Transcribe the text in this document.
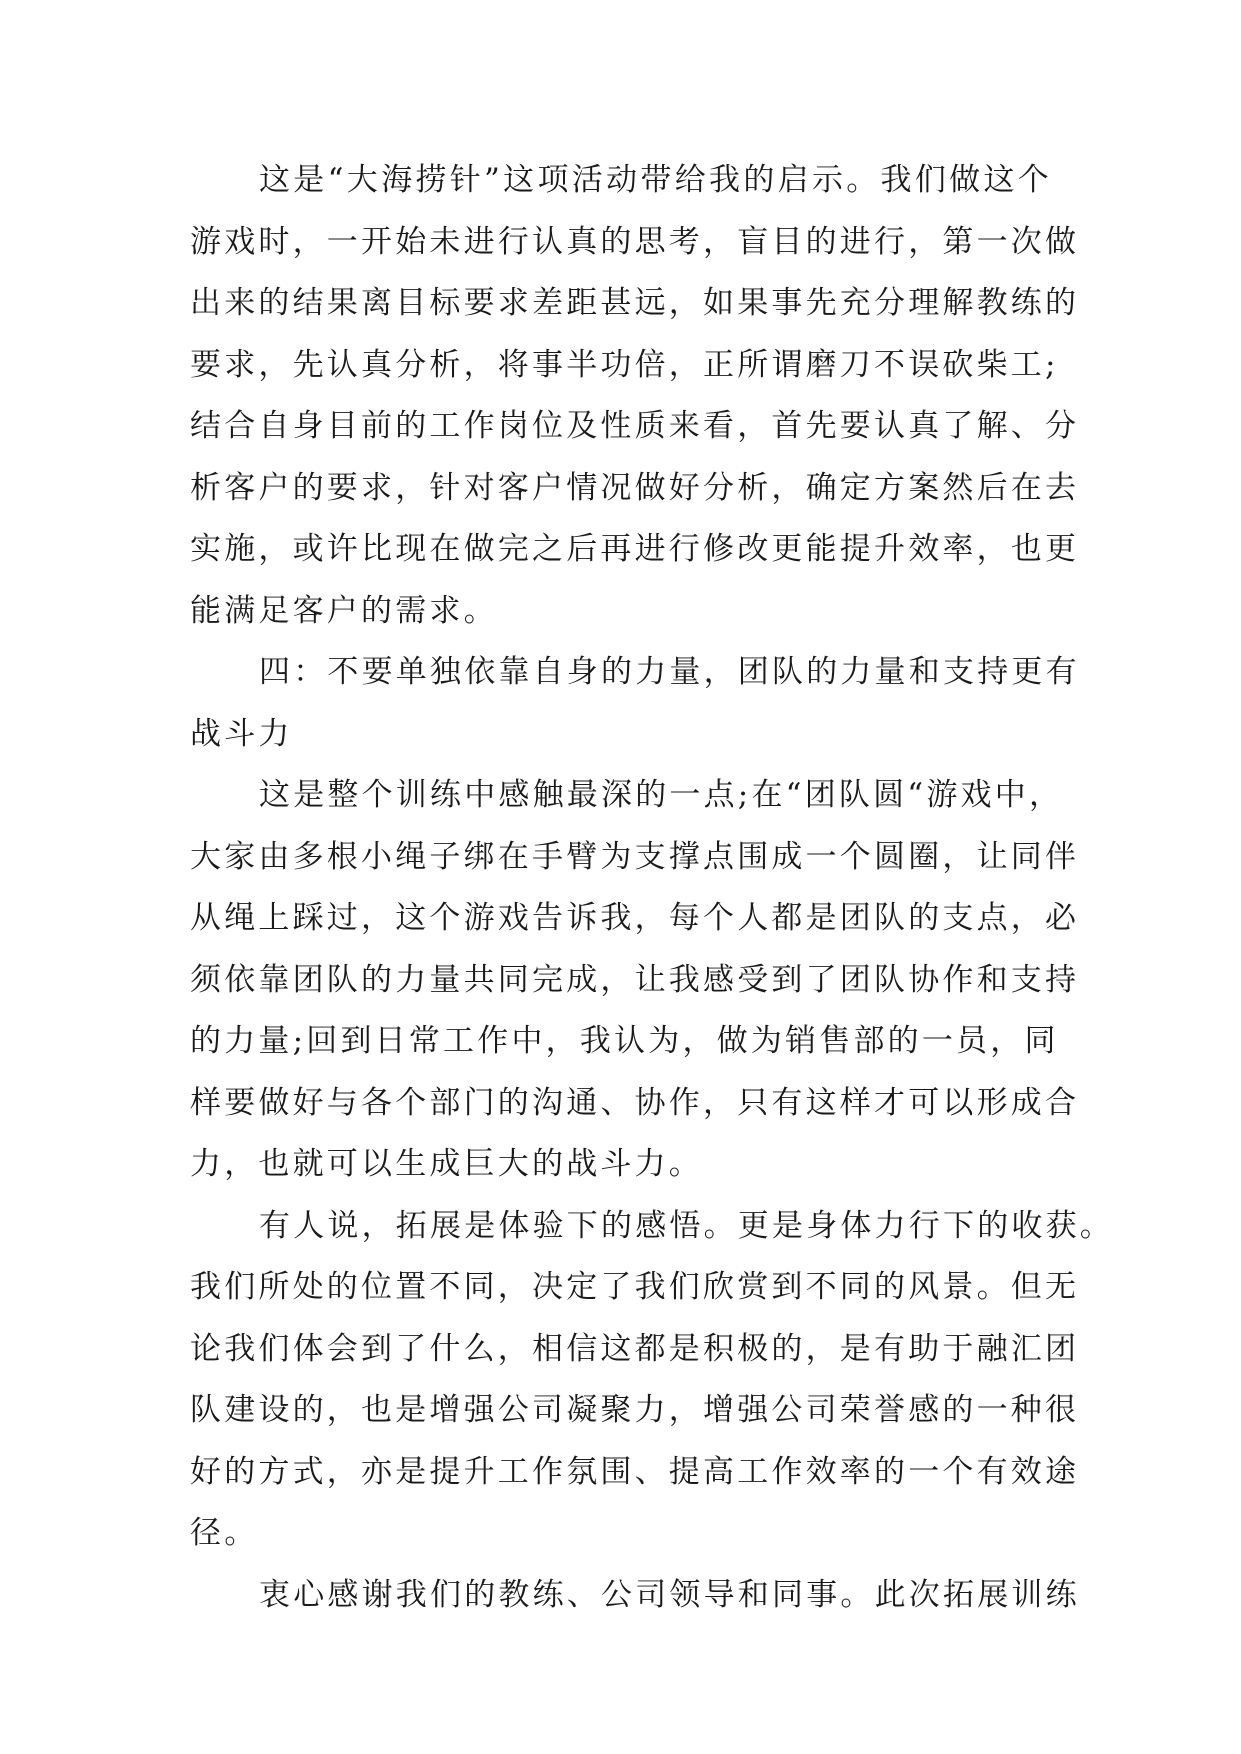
这是“大海捞针”这项活动带给我的启示。我们做这个
游戏时，一开始未进行认真的思考，盲目的进行，第一次做
出来的结果离目标要求差距甚远，如果事先充分理解教练的
要求，先认真分析，将事半功倍，正所谓磨刀不误砍柴工;
结合自身目前的工作岗位及性质来看，首先要认真了解、分
析客户的要求，针对客户情况做好分析，确定方案然后在去
实施，或许比现在做完之后再进行修改更能提升效率，也更
能满足客户的需求。
四：不要单独依靠自身的力量，团队的力量和支持更有
战斗力
这是整个训练中感触最深的一点;在“团队圆“游戏中，
大家由多根小绳子绑在手臂为支撑点围成一个圆圈，让同伴
从绳上踩过，这个游戏告诉我，每个人都是团队的支点，必
须依靠团队的力量共同完成，让我感受到了团队协作和支持
的力量;回到日常工作中，我认为，做为销售部的一员，同
样要做好与各个部门的沟通、协作，只有这样才可以形成合
力，也就可以生成巨大的战斗力。
有人说，拓展是体验下的感悟。更是身体力行下的收获。
我们所处的位置不同，决定了我们欣赏到不同的风景。但无
论我们体会到了什么，相信这都是积极的，是有助于融汇团
队建设的，也是增强公司凝聚力，增强公司荣誉感的一种很
好的方式，亦是提升工作氛围、提高工作效率的一个有效途
径。
衷心感谢我们的教练、公司领导和同事。此次拓展训练
